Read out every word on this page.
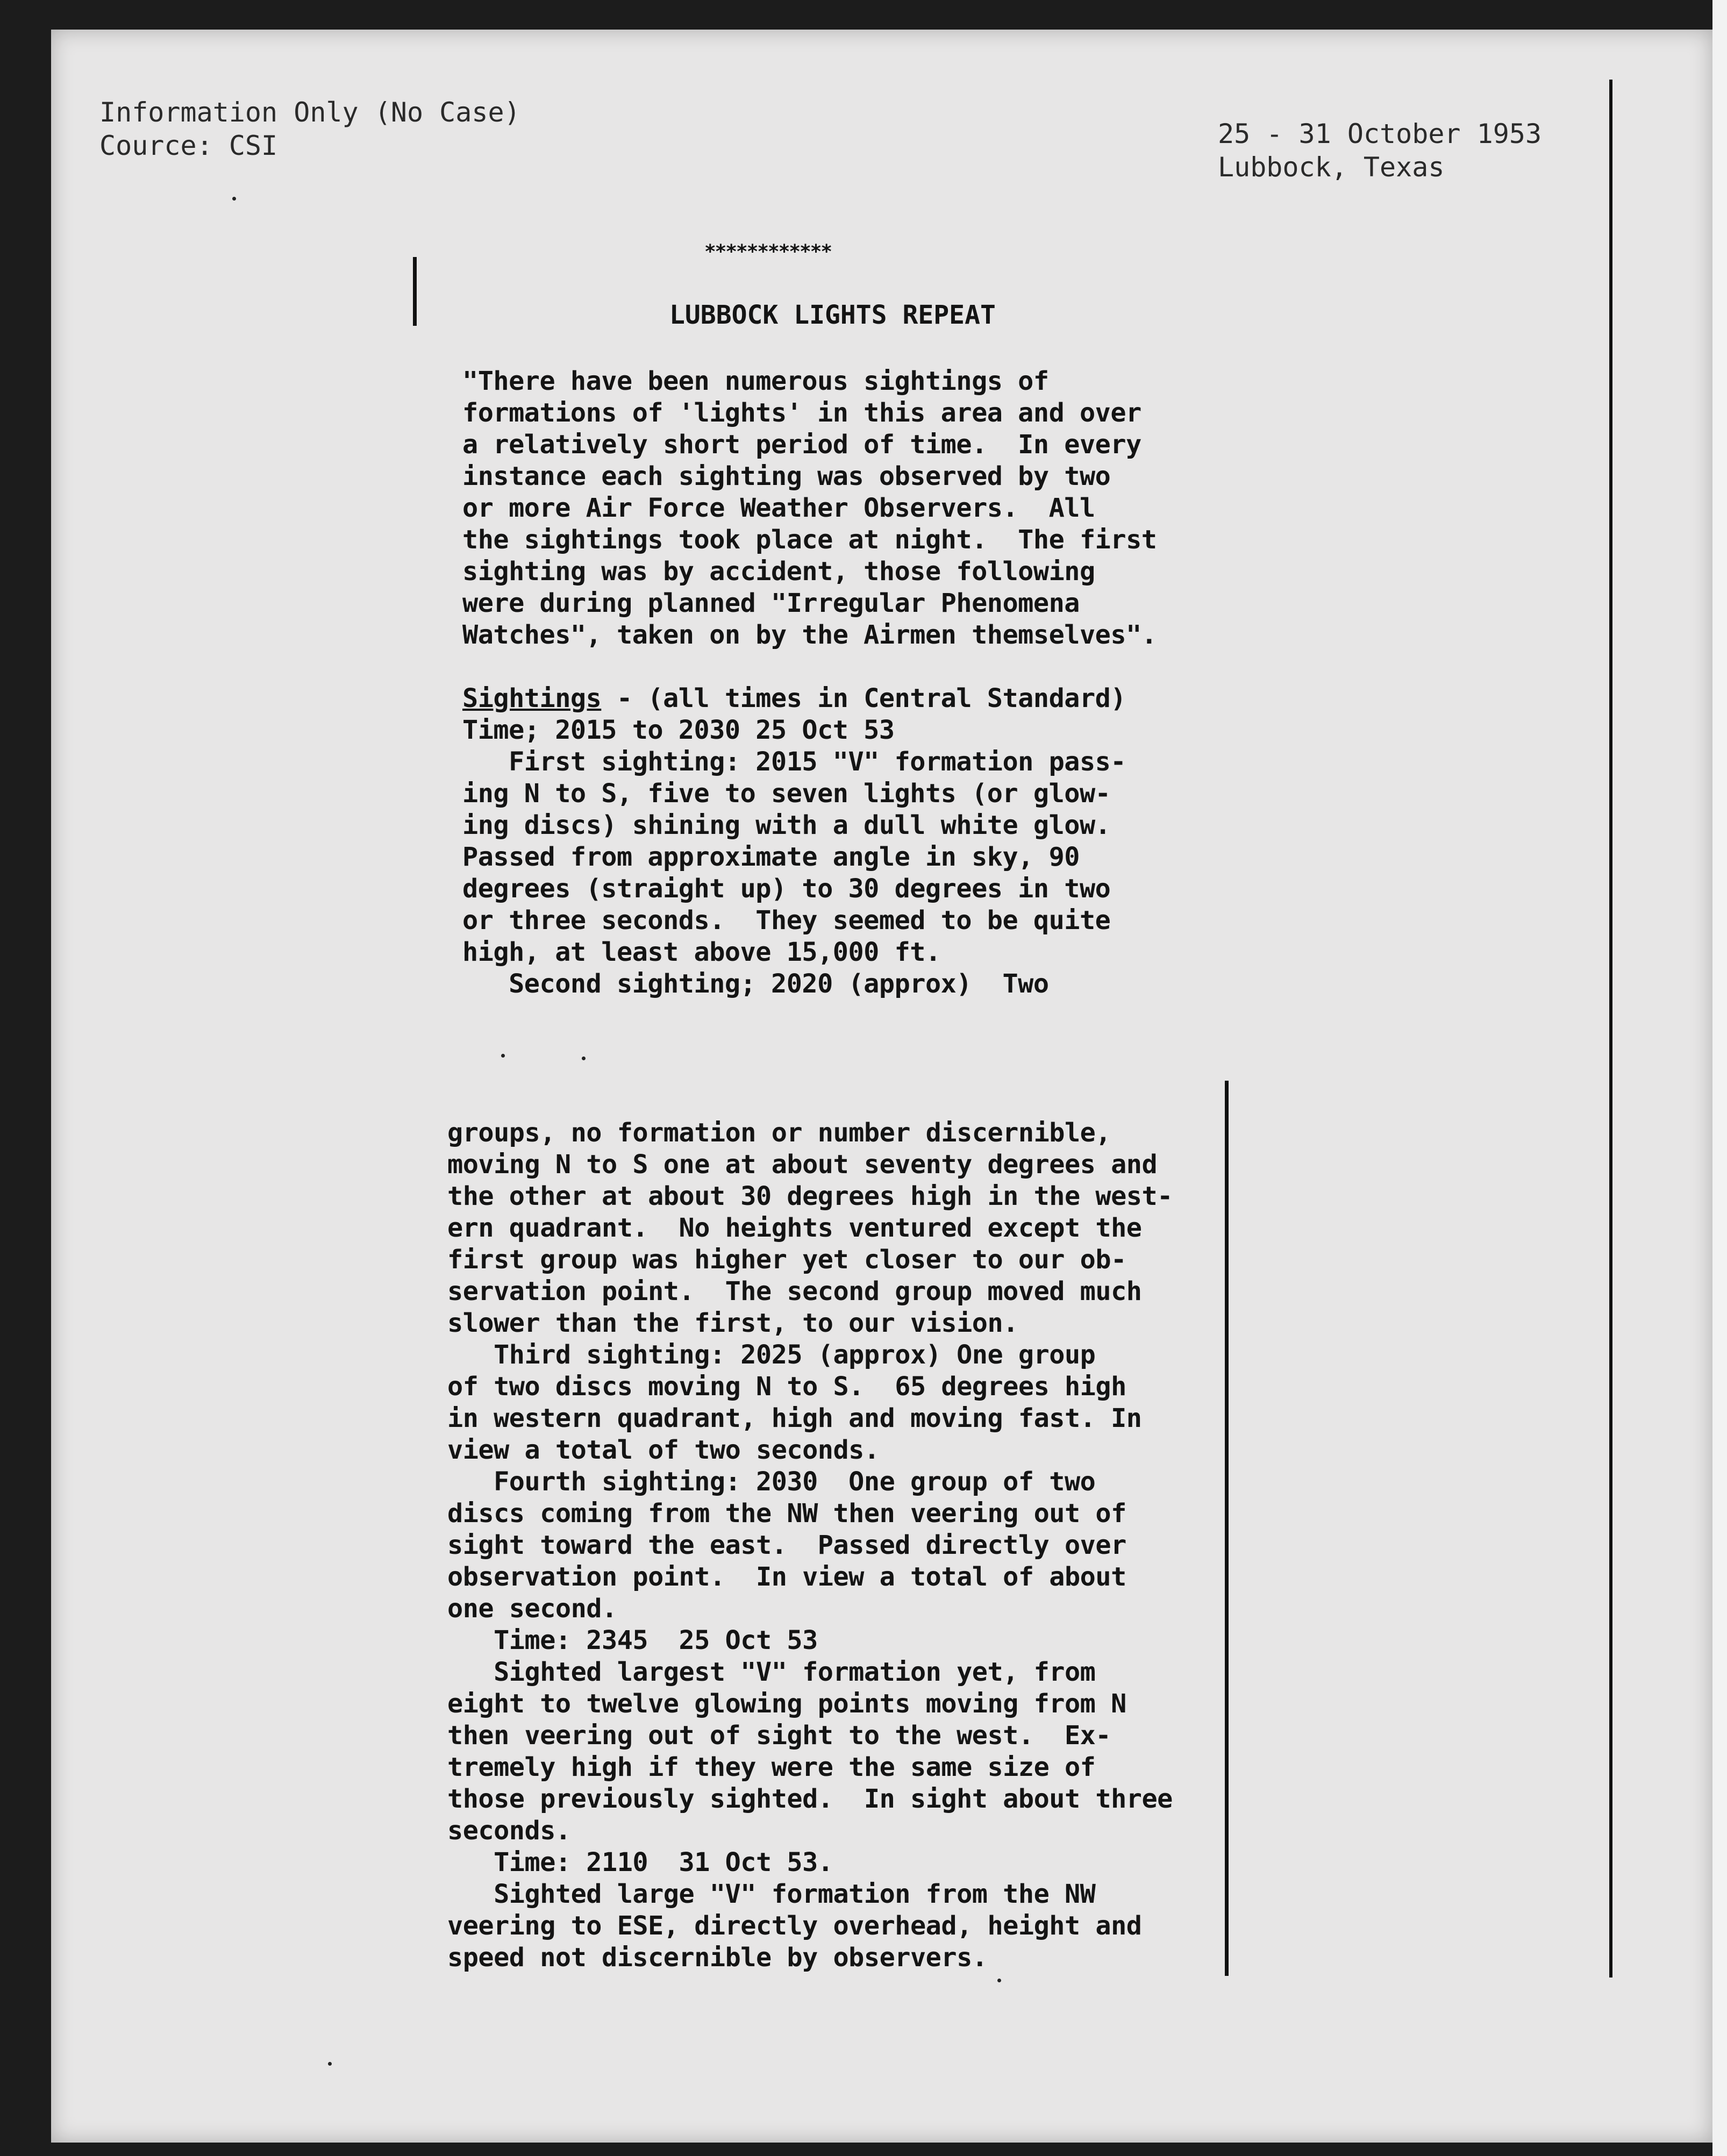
Information Only (No Case)
Cource: CSI	25 - 31 October 1953
Lubbock, Texas
************
LUBBOCK LIGHTS REPEAT
"There have been numerous sightings of
formations of 'lights' in this area and over
a relatively short period of time.  In every
instance each sighting was observed by two
or more Air Force Weather Observers.  All
the sightings took place at night.  The first
sighting was by accident, those following
were during planned "Irregular Phenomena
Watches", taken on by the Airmen themselves".

Sightings - (all times in Central Standard)
Time; 2015 to 2030 25 Oct 53
First sighting: 2015 "V" formation pass-
ing N to S, five to seven lights (or glow-
ing discs) shining with a dull white glow.
Passed from approximate angle in sky, 90
degrees (straight up) to 30 degrees in two
or three seconds.  They seemed to be quite
high, at least above 15,000 ft.
Second sighting; 2020 (approx)  Two
groups, no formation or number discernible,
moving N to S one at about seventy degrees and
the other at about 30 degrees high in the west-
ern quadrant.  No heights ventured except the
first group was higher yet closer to our ob-
servation point.  The second group moved much
slower than the first, to our vision.
Third sighting: 2025 (approx) One group
of two discs moving N to S.  65 degrees high
in western quadrant, high and moving fast. In
view a total of two seconds.
Fourth sighting: 2030  One group of two
discs coming from the NW then veering out of
sight toward the east.  Passed directly over
observation point.  In view a total of about
one second.
Time: 2345  25 Oct 53
Sighted largest "V" formation yet, from
eight to twelve glowing points moving from N
then veering out of sight to the west.  Ex-
tremely high if they were the same size of
those previously sighted.  In sight about three
seconds.
Time: 2110  31 Oct 53.
Sighted large "V" formation from the NW
veering to ESE, directly overhead, height and
speed not discernible by observers.
